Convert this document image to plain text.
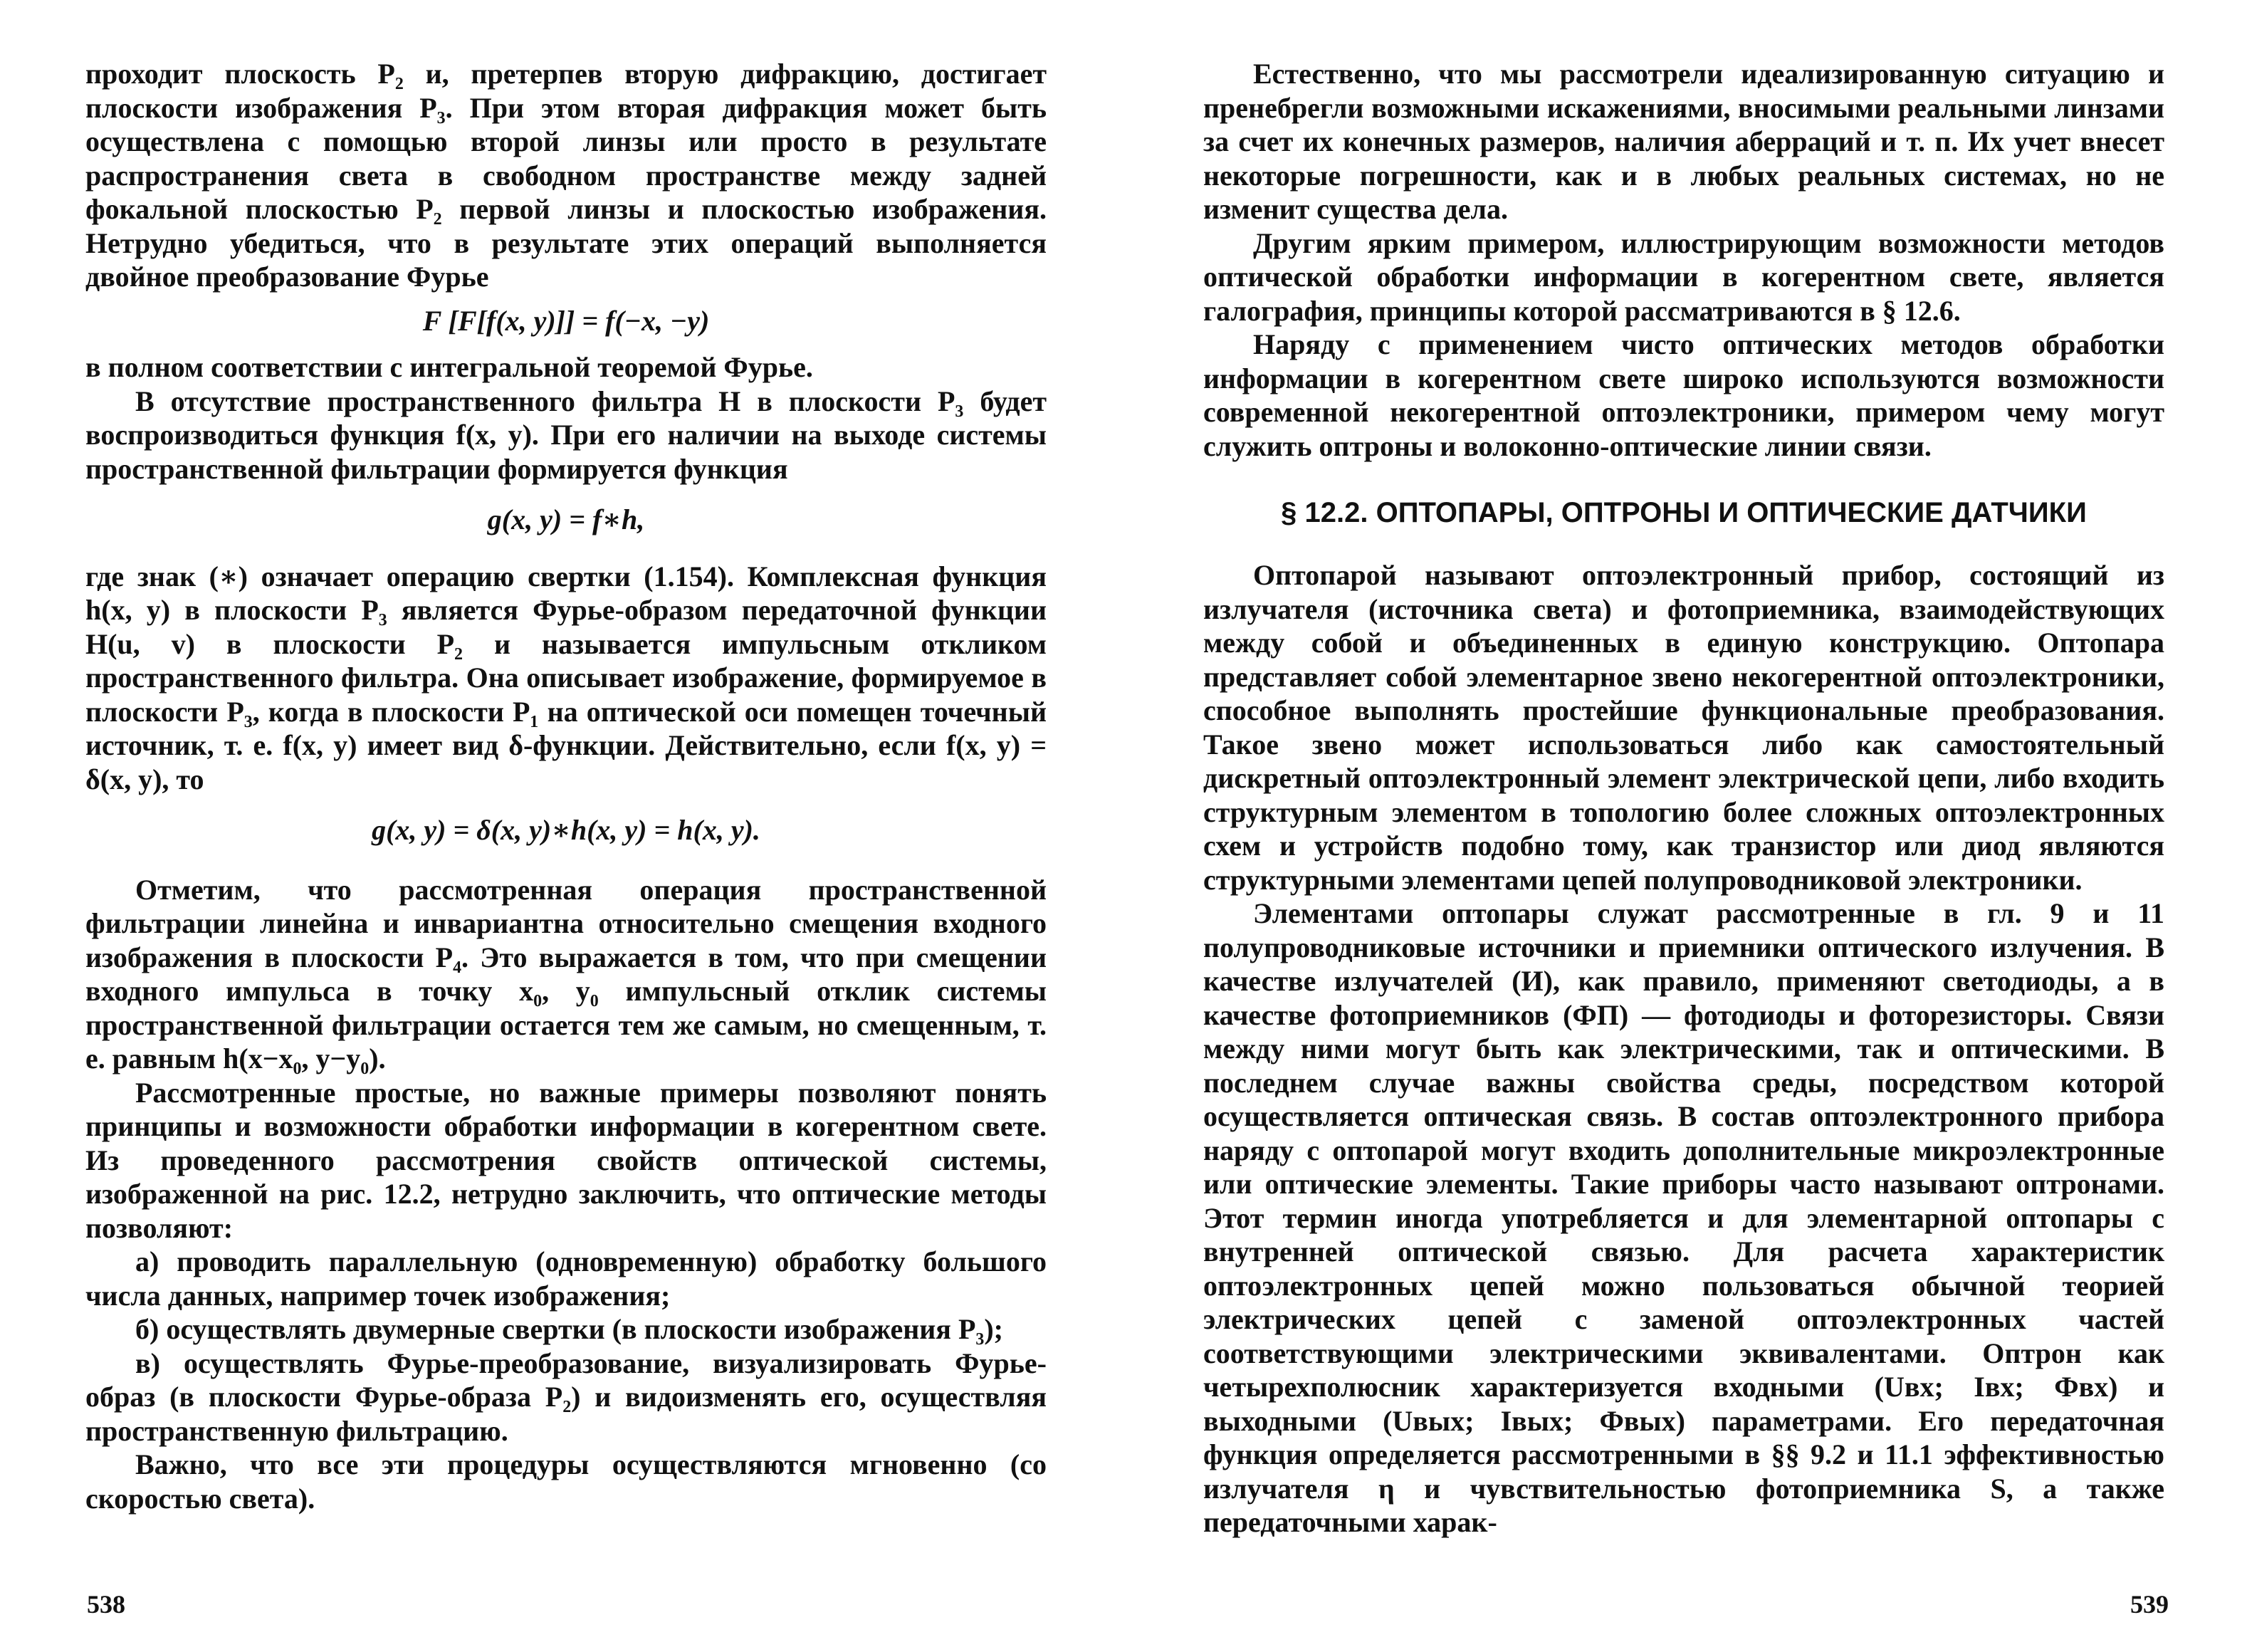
проходит плоскость P₂ и, претерпев вторую дифракцию, достигает плоскости изображения P₃. При этом вторая дифракция может быть осуществлена с помощью второй линзы или просто в результате распространения света в свободном пространстве между задней фокальной плоскостью P₂ первой линзы и плоскостью изображения. Нетрудно убедиться, что в результате этих операций выполняется двойное преобразование Фурье

F [F[f(x, y)]] = f(−x, −y)

в полном соответствии с интегральной теоремой Фурье.

В отсутствие пространственного фильтра H в плоскости P₃ будет воспроизводиться функция f(x, y). При его наличии на выходе системы пространственной фильтрации формируется функция

g(x, y) = f∗h,

где знак (∗) означает операцию свертки (1.154). Комплексная функция h(x, y) в плоскости P₃ является Фурье-образом передаточной функции H(u, v) в плоскости P₂ и называется импульсным откликом пространственного фильтра. Она описывает изображение, формируемое в плоскости P₃, когда в плоскости P₁ на оптической оси помещен точечный источник, т. е. f(x, y) имеет вид δ-функции. Действительно, если f(x, y) = δ(x, y), то

g(x, y) = δ(x, y)∗h(x, y) = h(x, y).

Отметим, что рассмотренная операция пространственной фильтрации линейна и инвариантна относительно смещения входного изображения в плоскости P₄. Это выражается в том, что при смещении входного импульса в точку x₀, y₀ импульсный отклик системы пространственной фильтрации остается тем же самым, но смещенным, т. е. равным h(x−x₀, y−y₀).

Рассмотренные простые, но важные примеры позволяют понять принципы и возможности обработки информации в когерентном свете. Из проведенного рассмотрения свойств оптической системы, изображенной на рис. 12.2, нетрудно заключить, что оптические методы позволяют:

а) проводить параллельную (одновременную) обработку большого числа данных, например точек изображения;

б) осуществлять двумерные свертки (в плоскости изображения P₃);

в) осуществлять Фурье-преобразование, визуализировать Фурье-образ (в плоскости Фурье-образа P₂) и видоизменять его, осуществляя пространственную фильтрацию.

Важно, что все эти процедуры осуществляются мгновенно (со скоростью света).

538

Естественно, что мы рассмотрели идеализированную ситуацию и пренебрегли возможными искажениями, вносимыми реальными линзами за счет их конечных размеров, наличия аберраций и т. п. Их учет внесет некоторые погрешности, как и в любых реальных системах, но не изменит существа дела.

Другим ярким примером, иллюстрирующим возможности методов оптической обработки информации в когерентном свете, является галография, принципы которой рассматриваются в § 12.6.

Наряду с применением чисто оптических методов обработки информации в когерентном свете широко используются возможности современной некогерентной оптоэлектроники, примером чему могут служить оптроны и волоконно-оптические линии связи.

§ 12.2. ОПТОПАРЫ, ОПТРОНЫ И ОПТИЧЕСКИЕ ДАТЧИКИ

Оптопарой называют оптоэлектронный прибор, состоящий из излучателя (источника света) и фотоприемника, взаимодействующих между собой и объединенных в единую конструкцию. Оптопара представляет собой элементарное звено некогерентной оптоэлектроники, способное выполнять простейшие функциональные преобразования. Такое звено может использоваться либо как самостоятельный дискретный оптоэлектронный элемент электрической цепи, либо входить структурным элементом в топологию более сложных оптоэлектронных схем и устройств подобно тому, как транзистор или диод являются структурными элементами цепей полупроводниковой электроники.

Элементами оптопары служат рассмотренные в гл. 9 и 11 полупроводниковые источники и приемники оптического излучения. В качестве излучателей (И), как правило, применяют светодиоды, а в качестве фотоприемников (ФП) — фотодиоды и фоторезисторы. Связи между ними могут быть как электрическими, так и оптическими. В последнем случае важны свойства среды, посредством которой осуществляется оптическая связь. В состав оптоэлектронного прибора наряду с оптопарой могут входить дополнительные микроэлектронные или оптические элементы. Такие приборы часто называют оптронами. Этот термин иногда употребляется и для элементарной оптопары с внутренней оптической связью. Для расчета характеристик оптоэлектронных цепей можно пользоваться обычной теорией электрических цепей с заменой оптоэлектронных частей соответствующими электрическими эквивалентами. Оптрон как четырехполюсник характеризуется входными (Uвх; Iвх; Фвх) и выходными (Uвых; Iвых; Фвых) параметрами. Его передаточная функция определяется рассмотренными в §§ 9.2 и 11.1 эффективностью излучателя η и чувствительностью фотоприемника S, а также передаточными харак-

539
